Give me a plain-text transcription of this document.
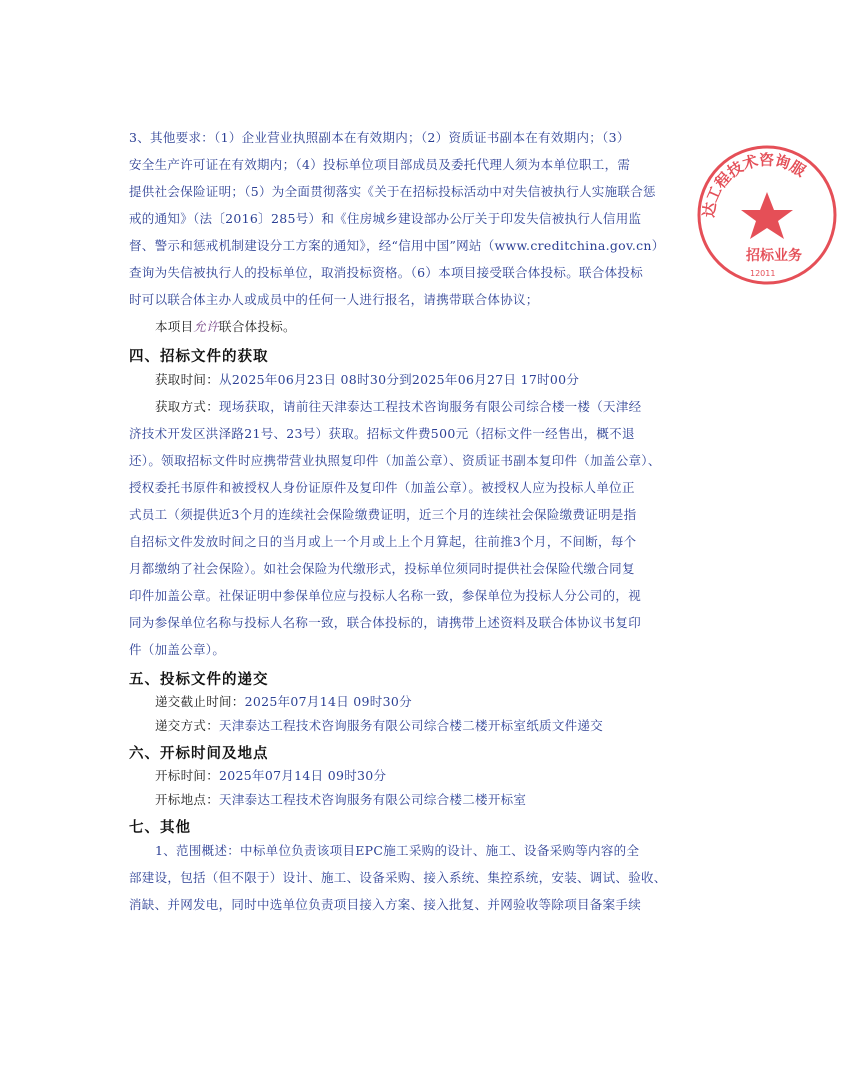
3、其他要求：（1）企业营业执照副本在有效期内；（2）资质证书副本在有效期内；（3）
安全生产许可证在有效期内；（4）投标单位项目部成员及委托代理人须为本单位职工，需
提供社会保险证明；（5）为全面贯彻落实《关于在招标投标活动中对失信被执行人实施联合惩
戒的通知》（法〔2016〕285号）和《住房城乡建设部办公厅关于印发失信被执行人信用监
督、警示和惩戒机制建设分工方案的通知》，经“信用中国”网站（www.creditchina.gov.cn）
查询为失信被执行人的投标单位，取消投标资格。（6）本项目接受联合体投标。联合体投标
时可以联合体主办人或成员中的任何一人进行报名，请携带联合体协议；
本项目允许联合体投标。
四、招标文件的获取
获取时间：从2025年06月23日 08时30分到2025年06月27日 17时00分
获取方式：现场获取，请前往天津泰达工程技术咨询服务有限公司综合楼一楼（天津经
济技术开发区洪泽路21号、23号）获取。招标文件费500元（招标文件一经售出，概不退
还）。领取招标文件时应携带营业执照复印件（加盖公章）、资质证书副本复印件（加盖公章）、
授权委托书原件和被授权人身份证原件及复印件（加盖公章）。被授权人应为投标人单位正
式员工（须提供近3个月的连续社会保险缴费证明，近三个月的连续社会保险缴费证明是指
自招标文件发放时间之日的当月或上一个月或上上个月算起，往前推3个月，不间断，每个
月都缴纳了社会保险）。如社会保险为代缴形式，投标单位须同时提供社会保险代缴合同复
印件加盖公章。社保证明中参保单位应与投标人名称一致，参保单位为投标人分公司的，视
同为参保单位名称与投标人名称一致，联合体投标的，请携带上述资料及联合体协议书复印
件（加盖公章）。
五、投标文件的递交
递交截止时间：2025年07月14日 09时30分
递交方式：天津泰达工程技术咨询服务有限公司综合楼二楼开标室纸质文件递交
六、开标时间及地点
开标时间：2025年07月14日 09时30分
开标地点：天津泰达工程技术咨询服务有限公司综合楼二楼开标室
七、其他
1、范围概述：中标单位负责该项目EPC施工采购的设计、施工、设备采购等内容的全
部建设，包括（但不限于）设计、施工、设备采购、接入系统、集控系统，安装、调试、验收、
消缺、并网发电，同时中选单位负责项目接入方案、接入批复、并网验收等除项目备案手续
达工程技术咨询服
招标业务
12011
